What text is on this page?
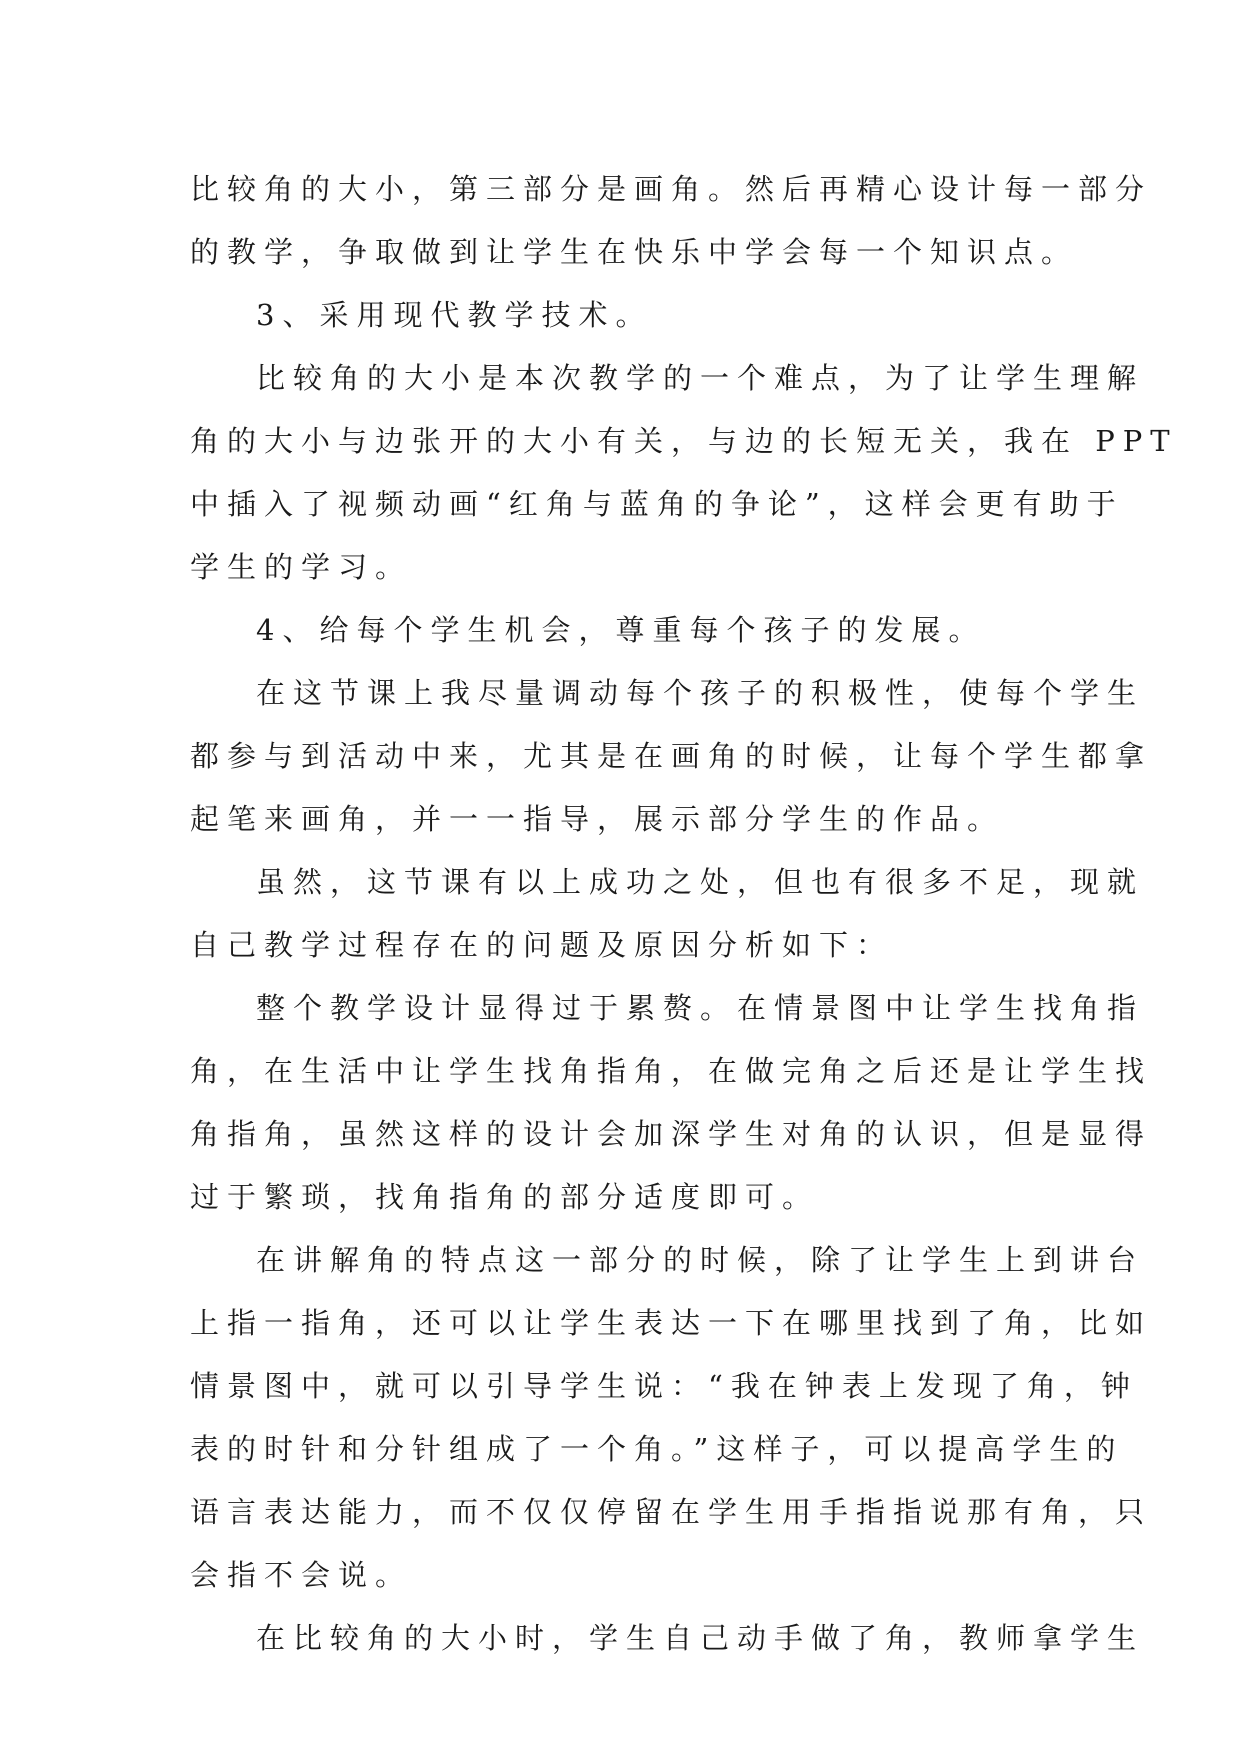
比较角的大小，第三部分是画角。然后再精心设计每一部分
的教学，争取做到让学生在快乐中学会每一个知识点。
3、采用现代教学技术。
比较角的大小是本次教学的一个难点，为了让学生理解
角的大小与边张开的大小有关，与边的长短无关，我在 PPT
中插入了视频动画“红角与蓝角的争论”，这样会更有助于
学生的学习。
4、给每个学生机会，尊重每个孩子的发展。
在这节课上我尽量调动每个孩子的积极性，使每个学生
都参与到活动中来，尤其是在画角的时候，让每个学生都拿
起笔来画角，并一一指导，展示部分学生的作品。
虽然，这节课有以上成功之处，但也有很多不足，现就
自己教学过程存在的问题及原因分析如下：
整个教学设计显得过于累赘。在情景图中让学生找角指
角，在生活中让学生找角指角，在做完角之后还是让学生找
角指角，虽然这样的设计会加深学生对角的认识，但是显得
过于繁琐，找角指角的部分适度即可。
在讲解角的特点这一部分的时候，除了让学生上到讲台
上指一指角，还可以让学生表达一下在哪里找到了角，比如
情景图中，就可以引导学生说：“我在钟表上发现了角，钟
表的时针和分针组成了一个角。”这样子，可以提高学生的
语言表达能力，而不仅仅停留在学生用手指指说那有角，只
会指不会说。
在比较角的大小时，学生自己动手做了角，教师拿学生
